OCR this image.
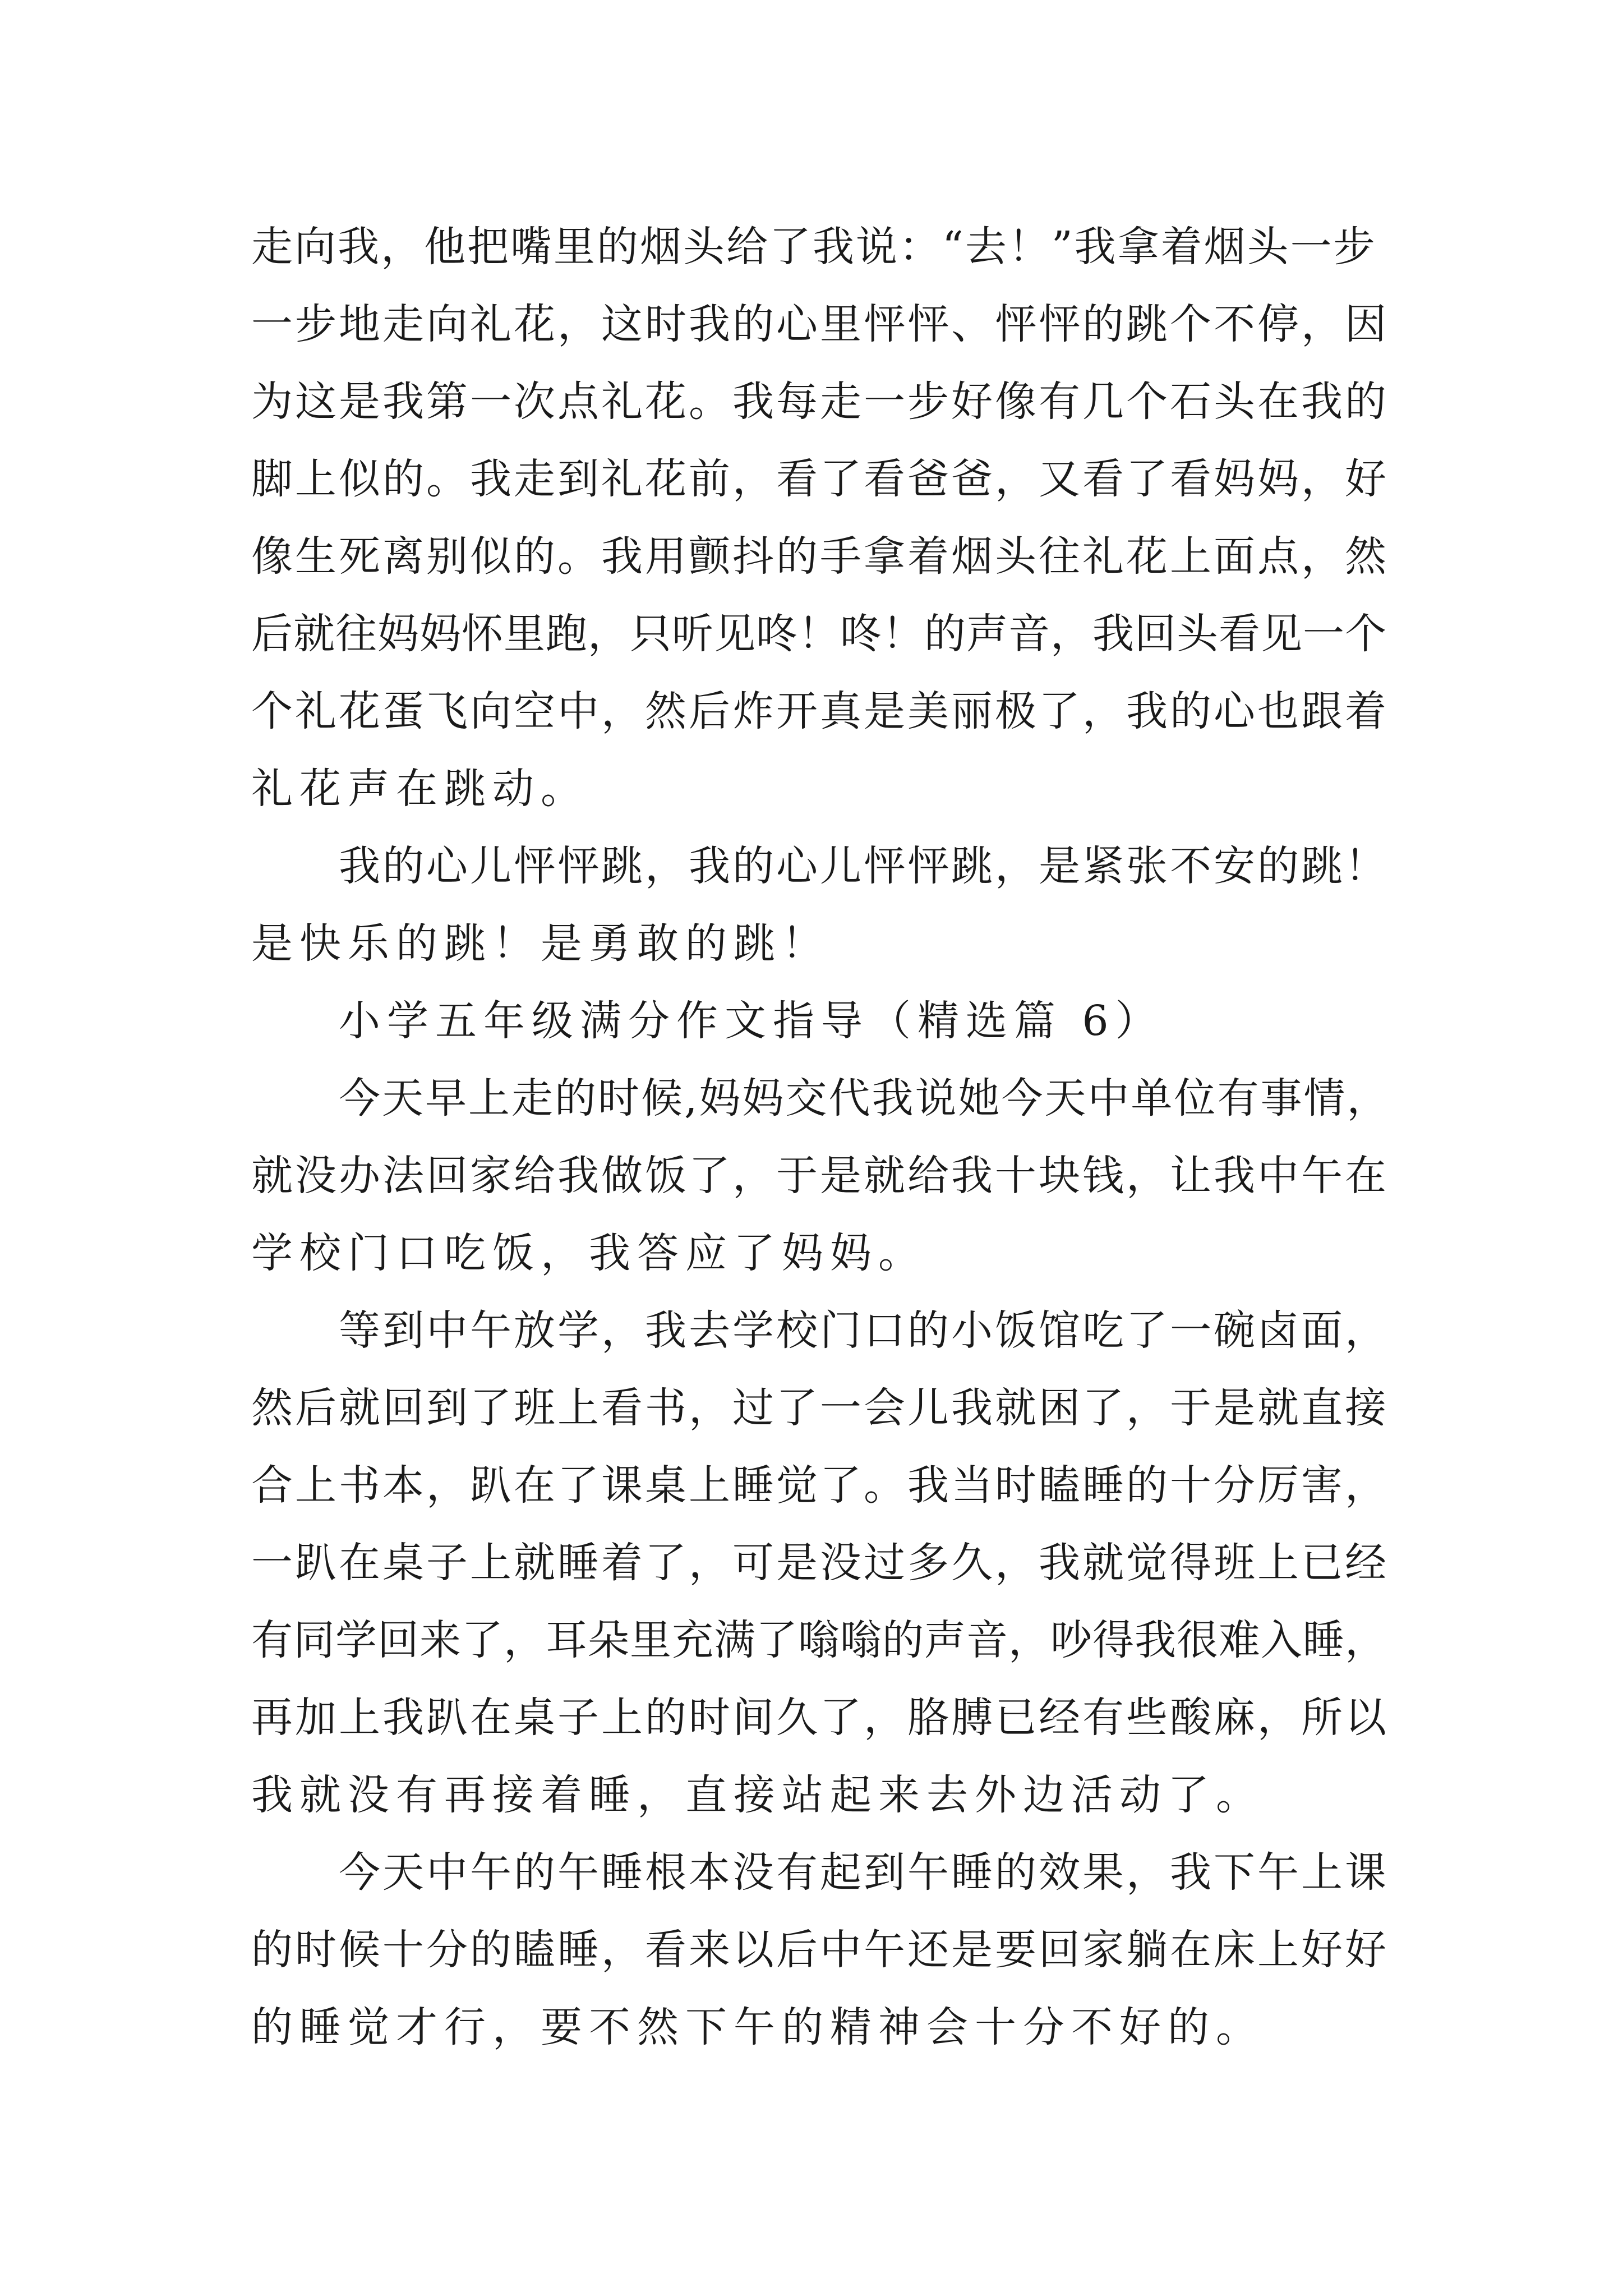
走向我，他把嘴里的烟头给了我说：“去！”我拿着烟头一步
一步地走向礼花，这时我的心里怦怦、怦怦的跳个不停，因
为这是我第一次点礼花。我每走一步好像有几个石头在我的
脚上似的。我走到礼花前，看了看爸爸，又看了看妈妈，好
像生死离别似的。我用颤抖的手拿着烟头往礼花上面点，然
后就往妈妈怀里跑，只听见咚！咚！的声音，我回头看见一个
个礼花蛋飞向空中，然后炸开真是美丽极了，我的心也跟着
礼花声在跳动。
我的心儿怦怦跳，我的心儿怦怦跳，是紧张不安的跳！
是快乐的跳！是勇敢的跳！
小学五年级满分作文指导（精选篇 6）
今天早上走的时候,妈妈交代我说她今天中单位有事情，
就没办法回家给我做饭了，于是就给我十块钱，让我中午在
学校门口吃饭，我答应了妈妈。
等到中午放学，我去学校门口的小饭馆吃了一碗卤面，
然后就回到了班上看书，过了一会儿我就困了，于是就直接
合上书本，趴在了课桌上睡觉了。我当时瞌睡的十分厉害，
一趴在桌子上就睡着了，可是没过多久，我就觉得班上已经
有同学回来了，耳朵里充满了嗡嗡的声音，吵得我很难入睡，
再加上我趴在桌子上的时间久了，胳膊已经有些酸麻，所以
我就没有再接着睡，直接站起来去外边活动了。
今天中午的午睡根本没有起到午睡的效果，我下午上课
的时候十分的瞌睡，看来以后中午还是要回家躺在床上好好
的睡觉才行，要不然下午的精神会十分不好的。
